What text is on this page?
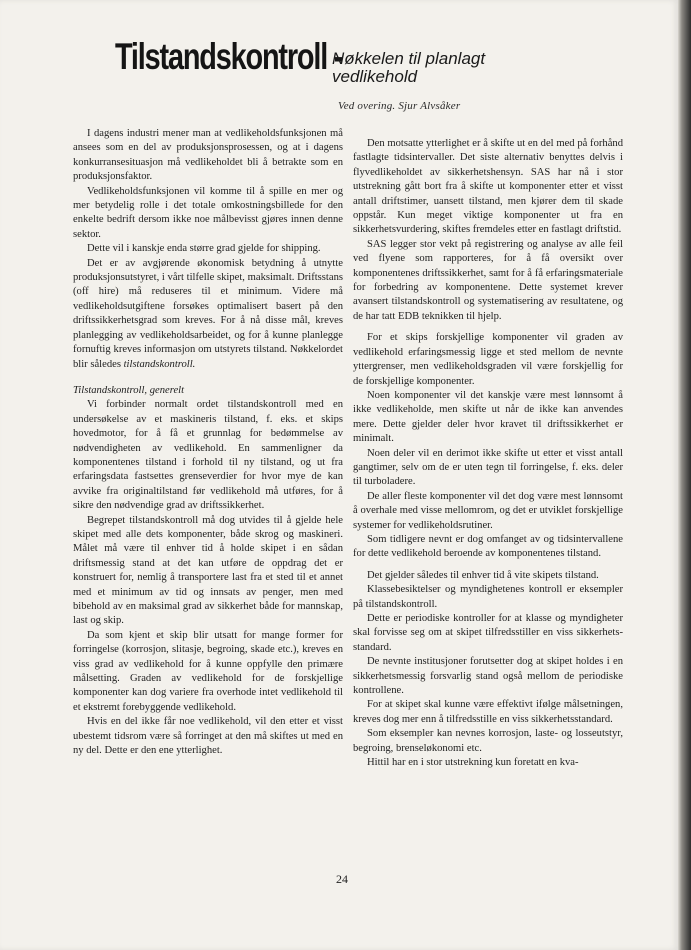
Tilstandskontroll -
Nøkkelen til planlagt
vedlikehold
Ved overing. Sjur Alvsåker

I dagens industri mener man at vedlikeholdsfunksjonen må ansees som en del av produksjonsprosessen, og at i dagens konkurransesituasjon må vedlikeholdet bli å betrakte som en produksjonsfaktor.

Vedlikeholdsfunksjonen vil komme til å spille en mer og mer betydelig rolle i det totale omkostningsbillede for den enkelte bedrift dersom ikke noe målbevisst gjøres innen denne sektor.

Dette vil i kanskje enda større grad gjelde for shipping.

Det er av avgjørende økonomisk betydning å utnytte produksjonsutstyret, i vårt tilfelle skipet, maksimalt. Driftsstans (off hire) må reduseres til et minimum. Videre må vedlikeholdsutgiftene forsøkes optimalisert basert på den driftssikkerhetsgrad som kreves. For å nå disse mål, kreves planlegging av vedlikeholdsarbeidet, og for å kunne planlegge fornuftig kreves informasjon om utstyrets tilstand. Nøkkelordet blir således tilstandskontroll.

Tilstandskontroll, generelt

Vi forbinder normalt ordet tilstandskontroll med en undersøkelse av et maskineris tilstand, f. eks. et skips hovedmotor, for å få et grunnlag for bedømmelse av nødvendigheten av vedlikehold. En sammenligner da komponentenes tilstand i forhold til ny tilstand, og ut fra erfaringsdata fastsettes grenseverdier for hvor mye de kan avvike fra originaltilstand før vedlikehold må utføres, for å sikre den nødvendige grad av driftssikkerhet.

Begrepet tilstandskontroll må dog utvides til å gjelde hele skipet med alle dets komponenter, både skrog og maskineri. Målet må være til enhver tid å holde skipet i en sådan driftsmessig stand at det kan utføre de oppdrag det er konstruert for, nemlig å transportere last fra et sted til et annet med et minimum av tid og innsats av penger, men med bibehold av en maksimal grad av sikkerhet både for mannskap, last og skip.

Da som kjent et skip blir utsatt for mange former for forringelse (korrosjon, slitasje, begroing, skade etc.), kreves en viss grad av vedlikehold for å kunne oppfylle den primære målsetting. Graden av vedlikehold for de forskjellige komponenter kan dog variere fra overhode intet vedlikehold til et ekstremt forebyggende vedlikehold.

Hvis en del ikke får noe vedlikehold, vil den etter et visst ubestemt tidsrom være så forringet at den må skiftes ut med en ny del. Dette er den ene ytterlighet.

Den motsatte ytterlighet er å skifte ut en del med på forhånd fastlagte tidsintervaller. Det siste alternativ benyttes delvis i flyvedlikeholdet av sikkerhetshensyn. SAS har nå i stor utstrekning gått bort fra å skifte ut komponenter etter et visst antall driftstimer, uansett tilstand, men kjører dem til skade oppstår. Kun meget viktige komponenter ut fra en sikkerhetsvurdering, skiftes fremdeles etter en fastlagt driftstid.

SAS legger stor vekt på registrering og analyse av alle feil ved flyene som rapporteres, for å få oversikt over komponentenes driftssikkerhet, samt for å få erfaringsmateriale for forbedring av komponentene. Dette systemet krever avansert tilstandskontroll og systematisering av resultatene, og de har tatt EDB teknikken til hjelp.

For et skips forskjellige komponenter vil graden av vedlikehold erfaringsmessig ligge et sted mellom de nevnte yttergrenser, men vedlikeholdsgraden vil være forskjellig for de forskjellige komponenter.

Noen komponenter vil det kanskje være mest lønnsomt å ikke vedlikeholde, men skifte ut når de ikke kan anvendes mere. Dette gjelder deler hvor kravet til driftssikkerhet er minimalt.

Noen deler vil en derimot ikke skifte ut etter et visst antall gangtimer, selv om de er uten tegn til forringelse, f. eks. deler til turboladere.

De aller fleste komponenter vil det dog være mest lønnsomt å overhale med visse mellomrom, og det er utviklet forskjellige systemer for vedlikeholdsrutiner.

Som tidligere nevnt er dog omfanget av og tidsintervallene for dette vedlikehold beroende av komponentenes tilstand.

Det gjelder således til enhver tid å vite skipets tilstand.

Klassebesiktelser og myndighetenes kontroll er eksempler på tilstandskontroll.

Dette er periodiske kontroller for at klasse og myndigheter skal forvisse seg om at skipet tilfredsstiller en viss sikkerhets-standard.

De nevnte institusjoner forutsetter dog at skipet holdes i en sikkerhetsmessig forsvarlig stand også mellom de periodiske kontrollene.

For at skipet skal kunne være effektivt ifølge målsetningen, kreves dog mer enn å tilfredsstille en viss sikkerhetsstandard.

Som eksempler kan nevnes korrosjon, laste- og losseutstyr, begroing, brenseløkonomi etc.

Hittil har en i stor utstrekning kun foretatt en kva-

24
